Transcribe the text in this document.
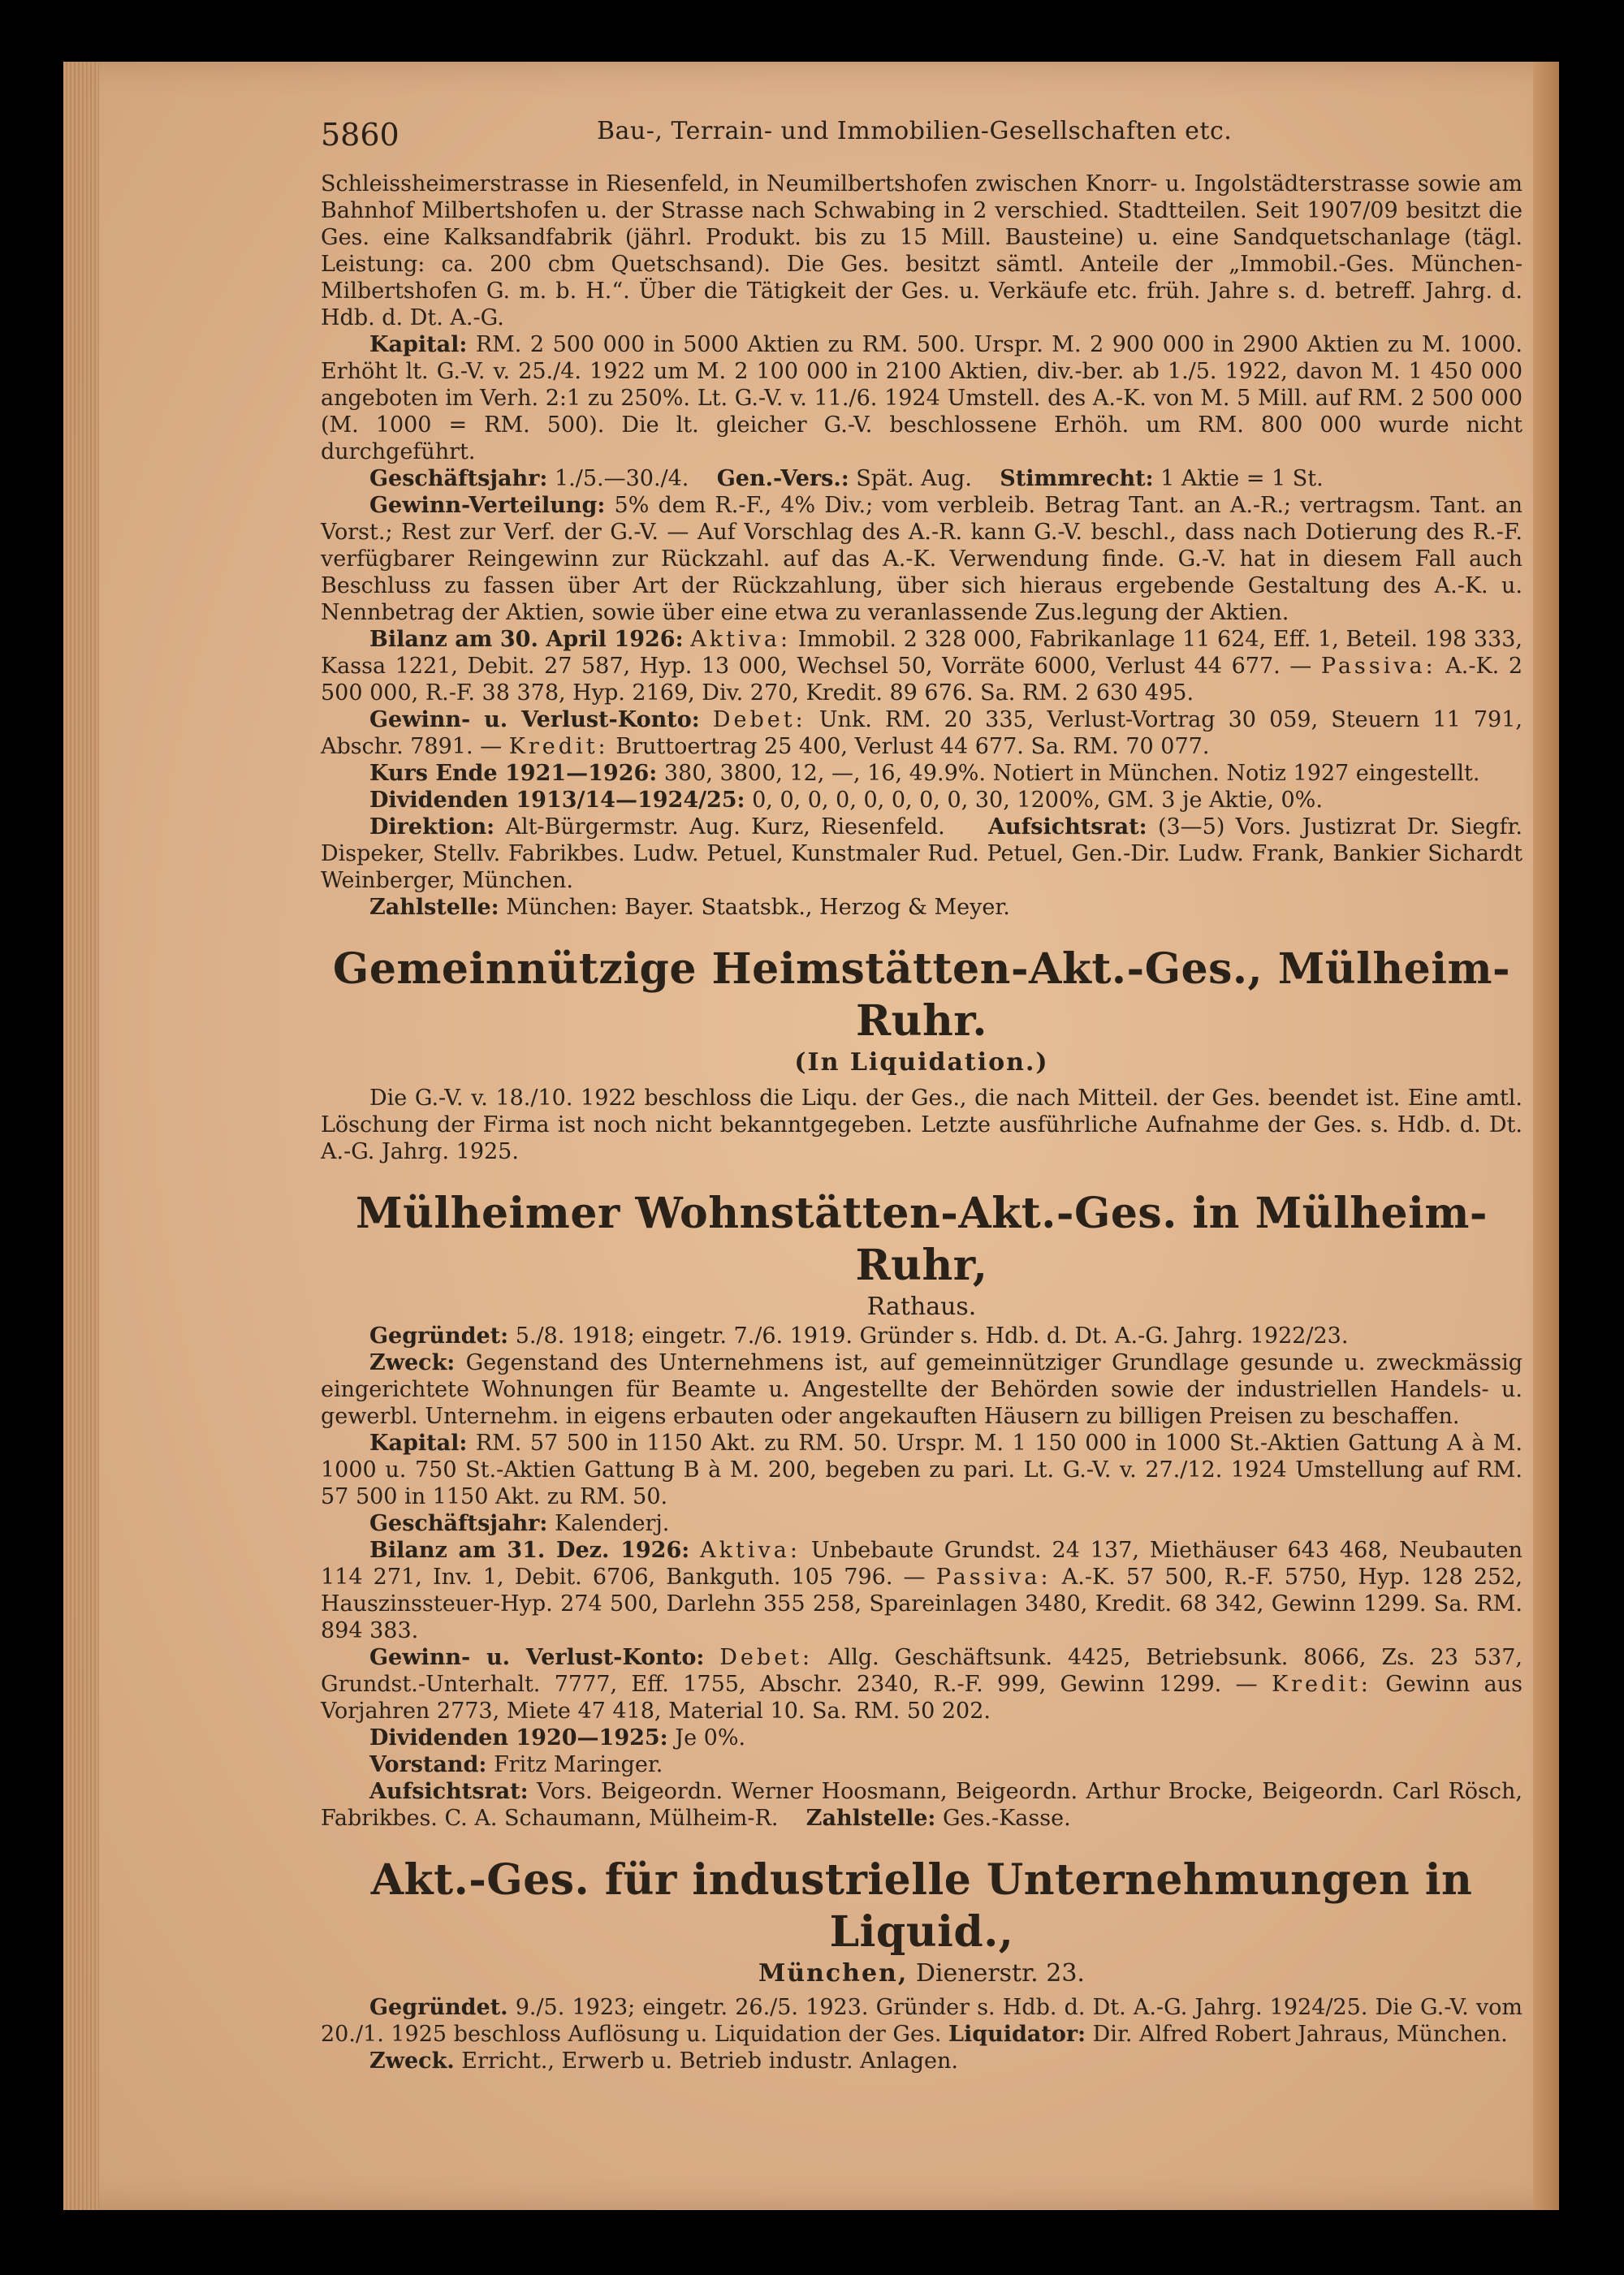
5860	Bau-, Terrain- und Immobilien-Gesellschaften etc.

Schleissheimerstrasse in Riesenfeld, in Neumilbertshofen zwischen Knorr- u. Ingolstädterstrasse sowie am Bahnhof Milbertshofen u. der Strasse nach Schwabing in 2 verschied. Stadtteilen. Seit 1907/09 besitzt die Ges. eine Kalksandfabrik (jährl. Produkt. bis zu 15 Mill. Bausteine) u. eine Sandquetschanlage (tägl. Leistung: ca. 200 cbm Quetschsand). Die Ges. besitzt sämtl. Anteile der „Immobil.-Ges. München-Milbertshofen G. m. b. H.“. Über die Tätigkeit der Ges. u. Verkäufe etc. früh. Jahre s. d. betreff. Jahrg. d. Hdb. d. Dt. A.-G.

Kapital: RM. 2 500 000 in 5000 Aktien zu RM. 500. Urspr. M. 2 900 000 in 2900 Aktien zu M. 1000. Erhöht lt. G.-V. v. 25./4. 1922 um M. 2 100 000 in 2100 Aktien, div.-ber. ab 1./5. 1922, davon M. 1 450 000 angeboten im Verh. 2:1 zu 250%. Lt. G.-V. v. 11./6. 1924 Umstell. des A.-K. von M. 5 Mill. auf RM. 2 500 000 (M. 1000 = RM. 500). Die lt. gleicher G.-V. beschlossene Erhöh. um RM. 800 000 wurde nicht durchgeführt.

Geschäftsjahr: 1./5.—30./4. Gen.-Vers.: Spät. Aug. Stimmrecht: 1 Aktie = 1 St.

Gewinn-Verteilung: 5% dem R.-F., 4% Div.; vom verbleib. Betrag Tant. an A.-R.; vertragsm. Tant. an Vorst.; Rest zur Verf. der G.-V. — Auf Vorschlag des A.-R. kann G.-V. beschl., dass nach Dotierung des R.-F. verfügbarer Reingewinn zur Rückzahl. auf das A.-K. Verwendung finde. G.-V. hat in diesem Fall auch Beschluss zu fassen über Art der Rückzahlung, über sich hieraus ergebende Gestaltung des A.-K. u. Nennbetrag der Aktien, sowie über eine etwa zu veranlassende Zus.legung der Aktien.

Bilanz am 30. April 1926: Aktiva: Immobil. 2 328 000, Fabrikanlage 11 624, Eff. 1, Beteil. 198 333, Kassa 1221, Debit. 27 587, Hyp. 13 000, Wechsel 50, Vorräte 6000, Verlust 44 677. — Passiva: A.-K. 2 500 000, R.-F. 38 378, Hyp. 2169, Div. 270, Kredit. 89 676. Sa. RM. 2 630 495.

Gewinn- u. Verlust-Konto: Debet: Unk. RM. 20 335, Verlust-Vortrag 30 059, Steuern 11 791, Abschr. 7891. — Kredit: Bruttoertrag 25 400, Verlust 44 677. Sa. RM. 70 077.

Kurs Ende 1921—1926: 380, 3800, 12, —, 16, 49.9%. Notiert in München. Notiz 1927 eingestellt.

Dividenden 1913/14—1924/25: 0, 0, 0, 0, 0, 0, 0, 0, 30, 1200%, GM. 3 je Aktie, 0%.

Direktion: Alt-Bürgermstr. Aug. Kurz, Riesenfeld. Aufsichtsrat: (3—5) Vors. Justizrat Dr. Siegfr. Dispeker, Stellv. Fabrikbes. Ludw. Petuel, Kunstmaler Rud. Petuel, Gen.-Dir. Ludw. Frank, Bankier Sichardt Weinberger, München.

Zahlstelle: München: Bayer. Staatsbk., Herzog & Meyer.

Gemeinnützige Heimstätten-Akt.-Ges., Mülheim-Ruhr.

(In Liquidation.)

Die G.-V. v. 18./10. 1922 beschloss die Liqu. der Ges., die nach Mitteil. der Ges. beendet ist. Eine amtl. Löschung der Firma ist noch nicht bekanntgegeben. Letzte ausführliche Aufnahme der Ges. s. Hdb. d. Dt. A.-G. Jahrg. 1925.

Mülheimer Wohnstätten-Akt.-Ges. in Mülheim-Ruhr,

Rathaus.

Gegründet: 5./8. 1918; eingetr. 7./6. 1919. Gründer s. Hdb. d. Dt. A.-G. Jahrg. 1922/23.

Zweck: Gegenstand des Unternehmens ist, auf gemeinnütziger Grundlage gesunde u. zweckmässig eingerichtete Wohnungen für Beamte u. Angestellte der Behörden sowie der industriellen Handels- u. gewerbl. Unternehm. in eigens erbauten oder angekauften Häusern zu billigen Preisen zu beschaffen.

Kapital: RM. 57 500 in 1150 Akt. zu RM. 50. Urspr. M. 1 150 000 in 1000 St.-Aktien Gattung A à M. 1000 u. 750 St.-Aktien Gattung B à M. 200, begeben zu pari. Lt. G.-V. v. 27./12. 1924 Umstellung auf RM. 57 500 in 1150 Akt. zu RM. 50.

Geschäftsjahr: Kalenderj.

Bilanz am 31. Dez. 1926: Aktiva: Unbebaute Grundst. 24 137, Miethäuser 643 468, Neubauten 114 271, Inv. 1, Debit. 6706, Bankguth. 105 796. — Passiva: A.-K. 57 500, R.-F. 5750, Hyp. 128 252, Hauszinssteuer-Hyp. 274 500, Darlehn 355 258, Spareinlagen 3480, Kredit. 68 342, Gewinn 1299. Sa. RM. 894 383.

Gewinn- u. Verlust-Konto: Debet: Allg. Geschäftsunk. 4425, Betriebsunk. 8066, Zs. 23 537, Grundst.-Unterhalt. 7777, Eff. 1755, Abschr. 2340, R.-F. 999, Gewinn 1299. — Kredit: Gewinn aus Vorjahren 2773, Miete 47 418, Material 10. Sa. RM. 50 202.

Dividenden 1920—1925: Je 0%.

Vorstand: Fritz Maringer.

Aufsichtsrat: Vors. Beigeordn. Werner Hoosmann, Beigeordn. Arthur Brocke, Beigeordn. Carl Rösch, Fabrikbes. C. A. Schaumann, Mülheim-R. Zahlstelle: Ges.-Kasse.

Akt.-Ges. für industrielle Unternehmungen in Liquid.,

München, Dienerstr. 23.

Gegründet. 9./5. 1923; eingetr. 26./5. 1923. Gründer s. Hdb. d. Dt. A.-G. Jahrg. 1924/25. Die G.-V. vom 20./1. 1925 beschloss Auflösung u. Liquidation der Ges. Liquidator: Dir. Alfred Robert Jahraus, München.

Zweck. Erricht., Erwerb u. Betrieb industr. Anlagen.
